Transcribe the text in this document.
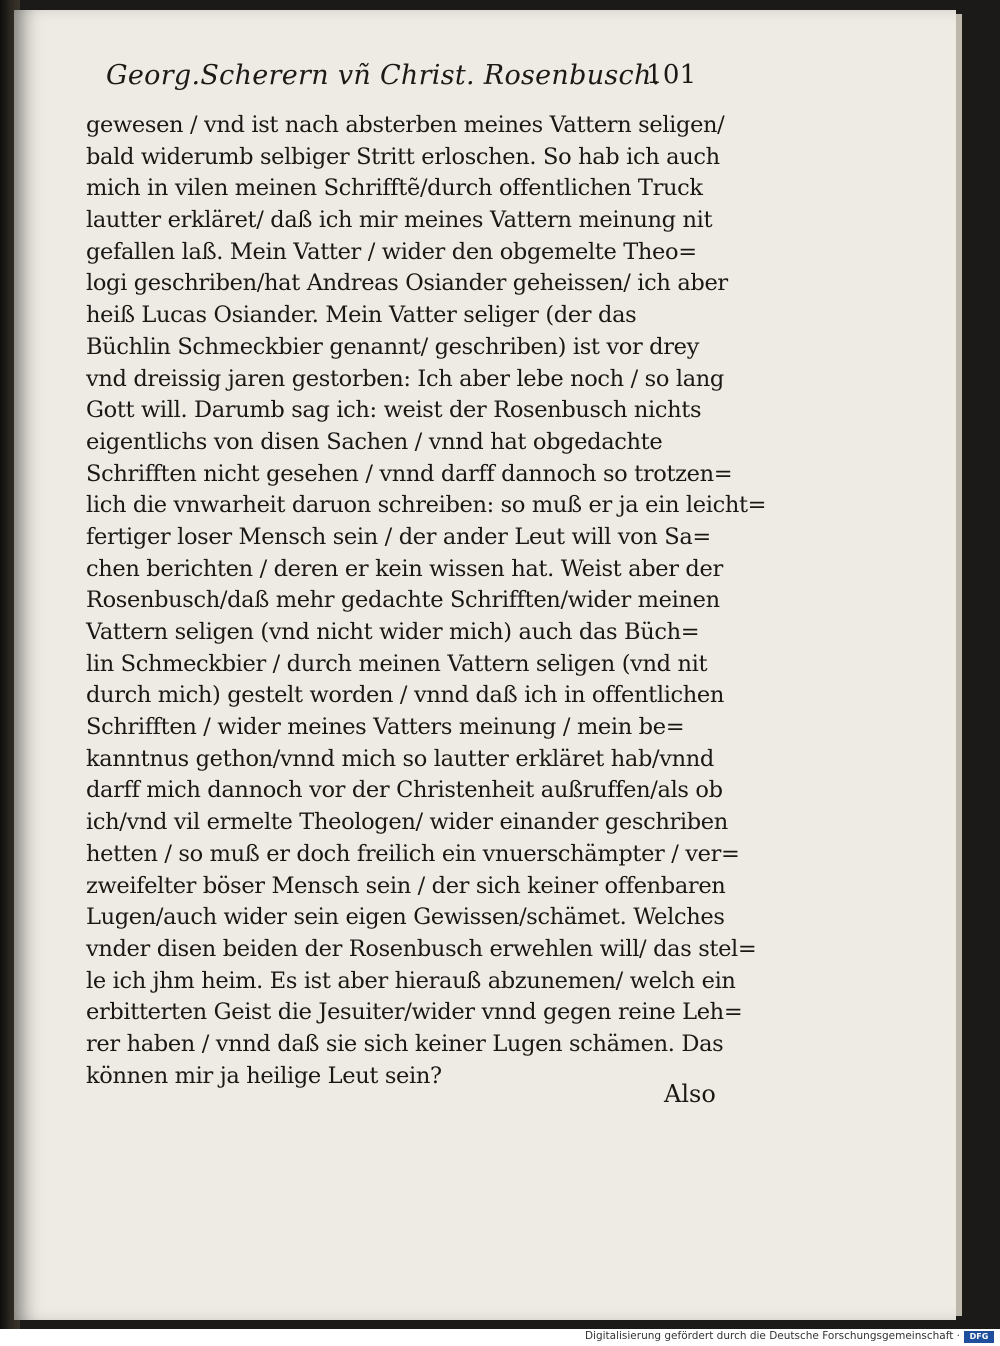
Georg.Scherern vñ Christ. Rosenbusch.
101
gewesen / vnd ist nach absterben meines Vattern seligen/
bald widerumb selbiger Stritt erloschen. So hab ich auch
mich in vilen meinen Schrifftẽ/durch offentlichen Truck
lautter erkläret/ daß ich mir meines Vattern meinung nit
gefallen laß. Mein Vatter / wider den obgemelte Theo=
logi geschriben/hat Andreas Osiander geheissen/ ich aber
heiß Lucas Osiander. Mein Vatter seliger (der das
Büchlin Schmeckbier genannt/ geschriben) ist vor drey
vnd dreissig jaren gestorben: Ich aber lebe noch / so lang
Gott will. Darumb sag ich: weist der Rosenbusch nichts
eigentlichs von disen Sachen / vnnd hat obgedachte
Schrifften nicht gesehen / vnnd darff dannoch so trotzen=
lich die vnwarheit daruon schreiben: so muß er ja ein leicht=
fertiger loser Mensch sein / der ander Leut will von Sa=
chen berichten / deren er kein wissen hat. Weist aber der
Rosenbusch/daß mehr gedachte Schrifften/wider meinen
Vattern seligen (vnd nicht wider mich) auch das Büch=
lin Schmeckbier / durch meinen Vattern seligen (vnd nit
durch mich) gestelt worden / vnnd daß ich in offentlichen
Schrifften / wider meines Vatters meinung / mein be=
kanntnus gethon/vnnd mich so lautter erkläret hab/vnnd
darff mich dannoch vor der Christenheit außruffen/als ob
ich/vnd vil ermelte Theologen/ wider einander geschriben
hetten / so muß er doch freilich ein vnuerschämpter / ver=
zweifelter böser Mensch sein / der sich keiner offenbaren
Lugen/auch wider sein eigen Gewissen/schämet. Welches
vnder disen beiden der Rosenbusch erwehlen will/ das stel=
le ich jhm heim. Es ist aber hierauß abzunemen/ welch ein
erbitterten Geist die Jesuiter/wider vnnd gegen reine Leh=
rer haben / vnnd daß sie sich keiner Lugen schämen. Das
können mir ja heilige Leut sein?
Also
Digitalisierung gefördert durch die Deutsche Forschungsgemeinschaft ·	DFG
